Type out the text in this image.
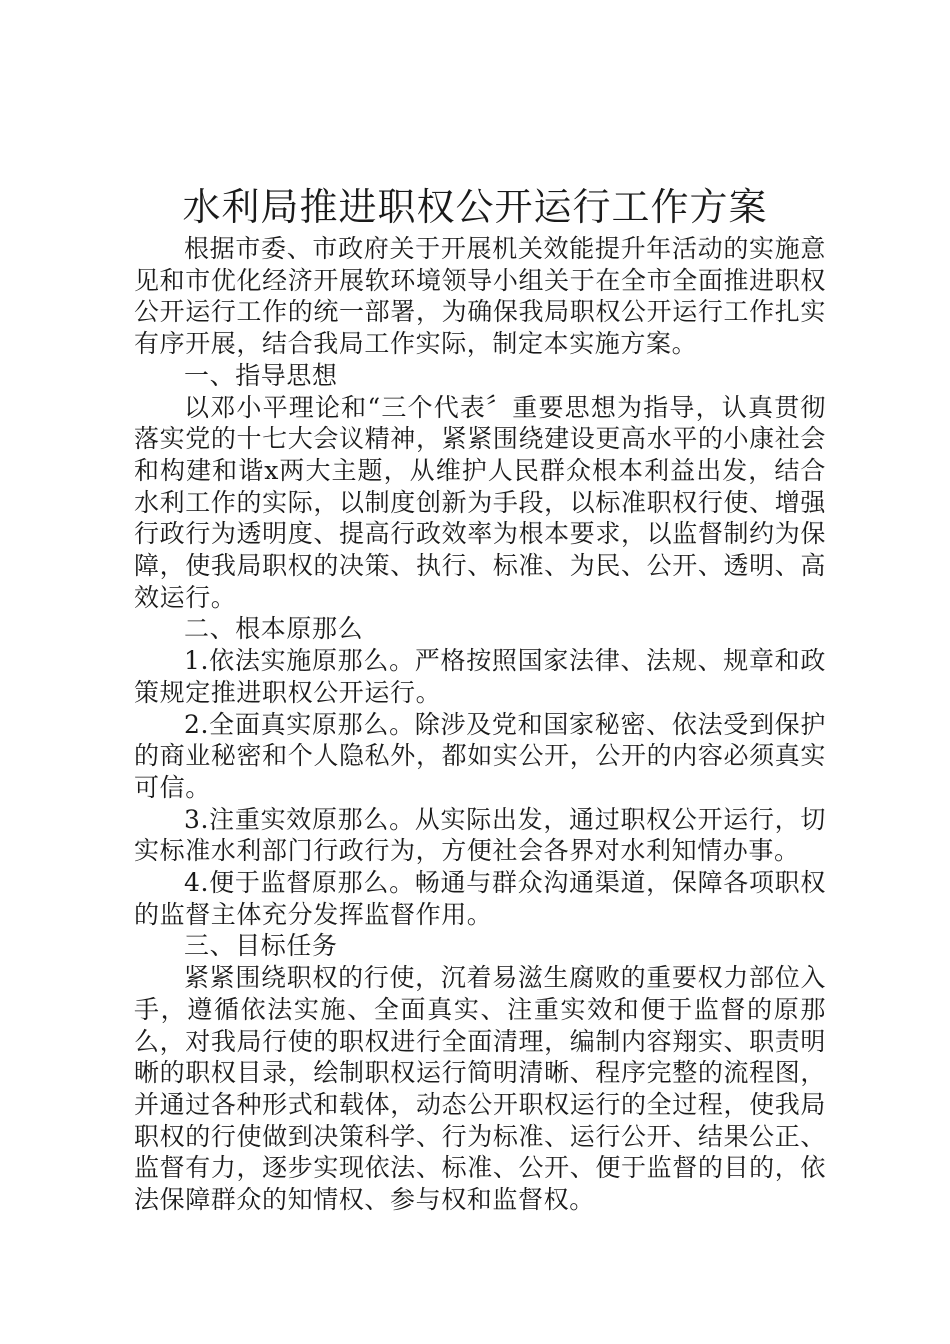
水利局推进职权公开运行工作方案

根据市委、市政府关于开展机关效能提升年活动的实施意见和市优化经济开展软环境领导小组关于在全市全面推进职权公开运行工作的统一部署，为确保我局职权公开运行工作扎实有序开展，结合我局工作实际，制定本实施方案。

一、指导思想

以邓小平理论和“三个代表〞重要思想为指导，认真贯彻落实党的十七大会议精神，紧紧围绕建设更高水平的小康社会和构建和谐x两大主题，从维护人民群众根本利益出发，结合水利工作的实际，以制度创新为手段，以标准职权行使、增强行政行为透明度、提高行政效率为根本要求，以监督制约为保障，使我局职权的决策、执行、标准、为民、公开、透明、高效运行。

二、根本原那么

1.依法实施原那么。严格按照国家法律、法规、规章和政策规定推进职权公开运行。

2.全面真实原那么。除涉及党和国家秘密、依法受到保护的商业秘密和个人隐私外，都如实公开，公开的内容必须真实可信。

3.注重实效原那么。从实际出发，通过职权公开运行，切实标准水利部门行政行为，方便社会各界对水利知情办事。

4.便于监督原那么。畅通与群众沟通渠道，保障各项职权的监督主体充分发挥监督作用。

三、目标任务

紧紧围绕职权的行使，沉着易滋生腐败的重要权力部位入手，遵循依法实施、全面真实、注重实效和便于监督的原那么，对我局行使的职权进行全面清理，编制内容翔实、职责明晰的职权目录，绘制职权运行简明清晰、程序完整的流程图，并通过各种形式和载体，动态公开职权运行的全过程，使我局职权的行使做到决策科学、行为标准、运行公开、结果公正、监督有力，逐步实现依法、标准、公开、便于监督的目的，依法保障群众的知情权、参与权和监督权。
